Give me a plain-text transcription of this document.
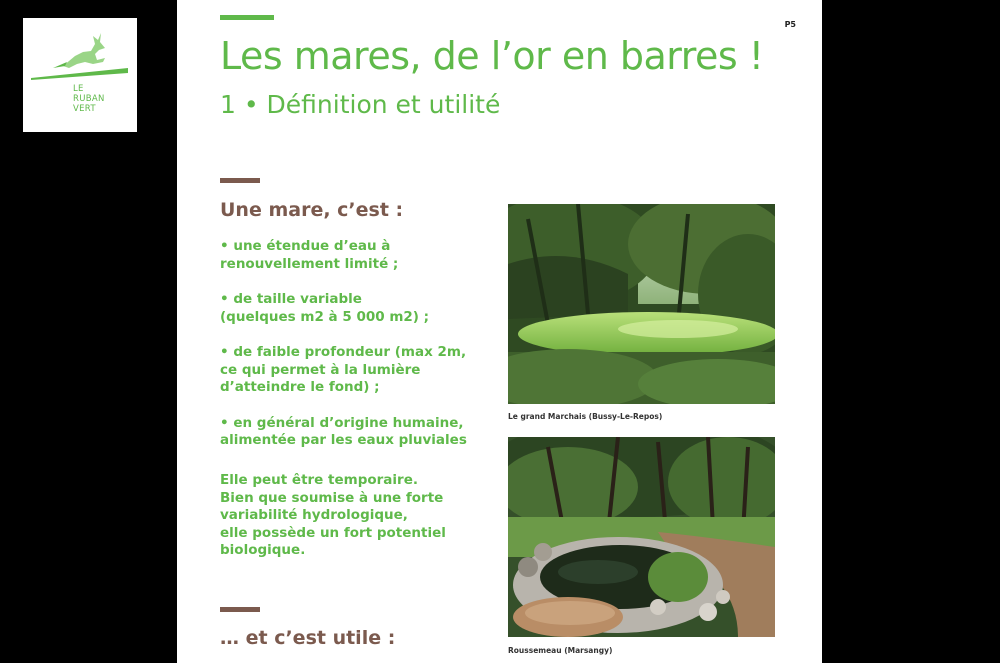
LE
RUBAN
VERT
P5
Les mares, de l’or en barres !
1 • Définition et utilité
Une mare, c’est :

• une étendue d’eau à
renouvellement limité ;

• de taille variable
(quelques m2 à 5 000 m2) ;

• de faible profondeur (max 2m,
ce qui permet à la lumière
d’atteindre le fond) ;

• en général d’origine humaine,
alimentée par les eaux pluviales

Elle peut être temporaire.
Bien que soumise à une forte
variabilité hydrologique,
elle possède un fort potentiel
biologique.
… et c’est utile :
Le grand Marchais (Bussy-Le-Repos)
Roussemeau (Marsangy)
